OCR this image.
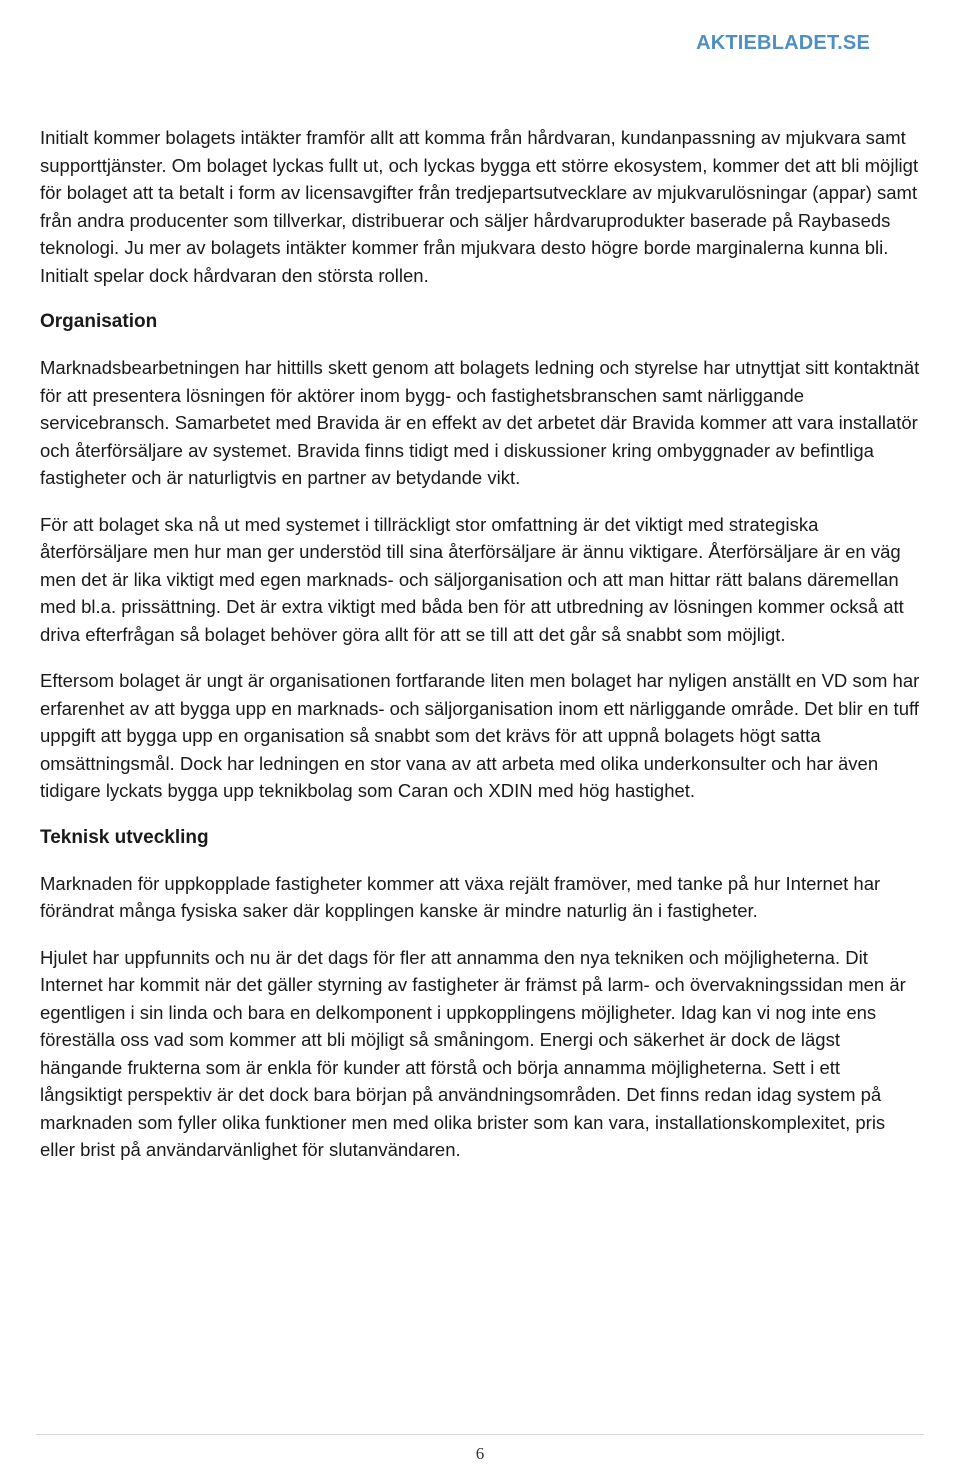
AKTIEBLADET.SE

Initialt kommer bolagets intäkter framför allt att komma från hårdvaran, kundanpassning av mjukvara samt supporttjänster. Om bolaget lyckas fullt ut, och lyckas bygga ett större ekosystem, kommer det att bli möjligt för bolaget att ta betalt i form av licensavgifter från tredjepartsutvecklare av mjukvarulösningar (appar) samt från andra producenter som tillverkar, distribuerar och säljer hårdvaruprodukter baserade på Raybaseds teknologi. Ju mer av bolagets intäkter kommer från mjukvara desto högre borde marginalerna kunna bli. Initialt spelar dock hårdvaran den största rollen.

Organisation

Marknadsbearbetningen har hittills skett genom att bolagets ledning och styrelse har utnyttjat sitt kontaktnät för att presentera lösningen för aktörer inom bygg- och fastighetsbranschen samt närliggande servicebransch. Samarbetet med Bravida är en effekt av det arbetet där Bravida kommer att vara installatör och återförsäljare av systemet. Bravida finns tidigt med i diskussioner kring ombyggnader av befintliga fastigheter och är naturligtvis en partner av betydande vikt.

För att bolaget ska nå ut med systemet i tillräckligt stor omfattning är det viktigt med strategiska återförsäljare men hur man ger understöd till sina återförsäljare är ännu viktigare. Återförsäljare är en väg men det är lika viktigt med egen marknads- och säljorganisation och att man hittar rätt balans däremellan med bl.a. prissättning. Det är extra viktigt med båda ben för att utbredning av lösningen kommer också att driva efterfrågan så bolaget behöver göra allt för att se till att det går så snabbt som möjligt.

Eftersom bolaget är ungt är organisationen fortfarande liten men bolaget har nyligen anställt en VD som har erfarenhet av att bygga upp en marknads- och säljorganisation inom ett närliggande område. Det blir en tuff uppgift att bygga upp en organisation så snabbt som det krävs för att uppnå bolagets högt satta omsättningsmål. Dock har ledningen en stor vana av att arbeta med olika underkonsulter och har även tidigare lyckats bygga upp teknikbolag som Caran och XDIN med hög hastighet.

Teknisk utveckling

Marknaden för uppkopplade fastigheter kommer att växa rejält framöver, med tanke på hur Internet har förändrat många fysiska saker där kopplingen kanske är mindre naturlig än i fastigheter.

Hjulet har uppfunnits och nu är det dags för fler att annamma den nya tekniken och möjligheterna. Dit Internet har kommit när det gäller styrning av fastigheter är främst på larm- och övervakningssidan men är egentligen i sin linda och bara en delkomponent i uppkopplingens möjligheter. Idag kan vi nog inte ens föreställa oss vad som kommer att bli möjligt så småningom. Energi och säkerhet är dock de lägst hängande frukterna som är enkla för kunder att förstå och börja annamma möjligheterna. Sett i ett långsiktigt perspektiv är det dock bara början på användningsområden. Det finns redan idag system på marknaden som fyller olika funktioner men med olika brister som kan vara, installationskomplexitet, pris eller brist på användarvänlighet för slutanvändaren.

6
